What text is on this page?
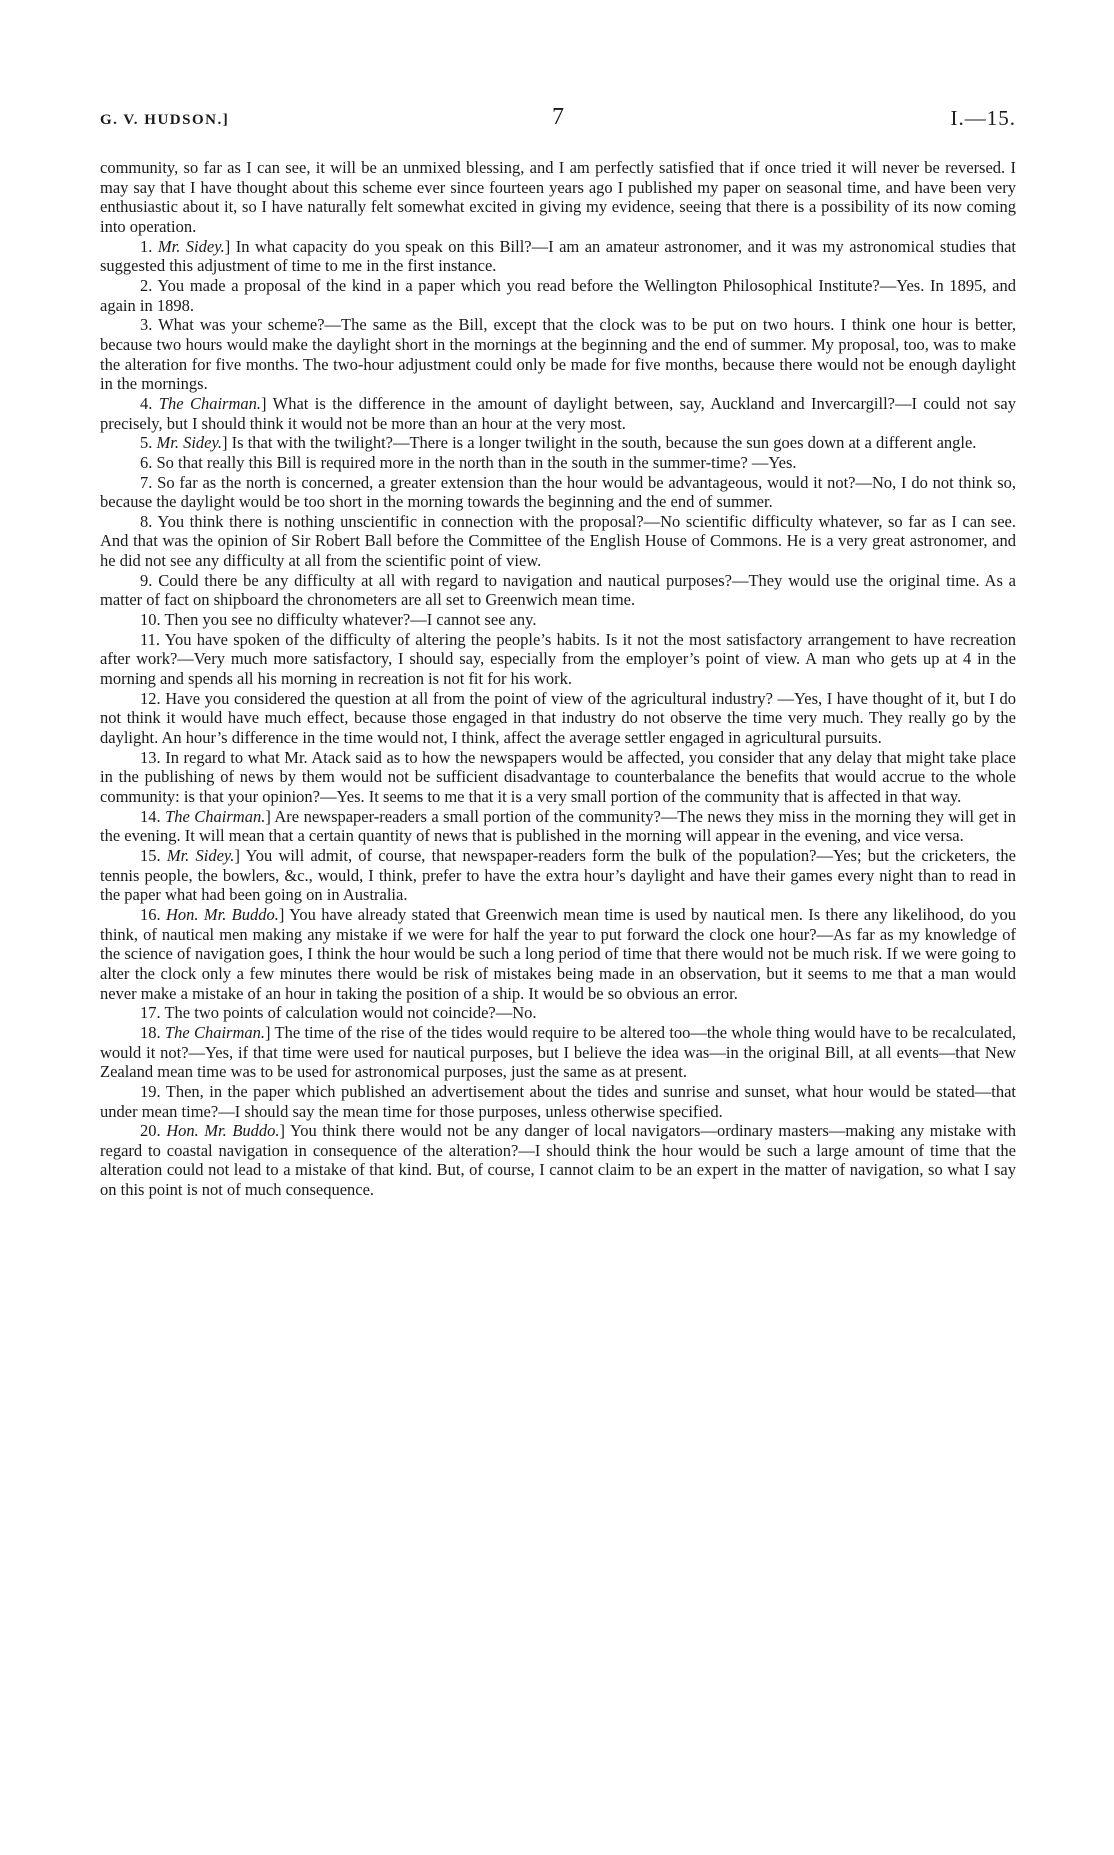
G. V. HUDSON.]	7	I.—15.

community, so far as I can see, it will be an unmixed blessing, and I am perfectly satisfied that if once tried it will never be reversed. I may say that I have thought about this scheme ever since fourteen years ago I published my paper on seasonal time, and have been very enthusiastic about it, so I have naturally felt somewhat excited in giving my evidence, seeing that there is a possibility of its now coming into operation.

1. Mr. Sidey.] In what capacity do you speak on this Bill?—I am an amateur astronomer, and it was my astronomical studies that suggested this adjustment of time to me in the first instance.

2. You made a proposal of the kind in a paper which you read before the Wellington Philosophical Institute?—Yes. In 1895, and again in 1898.

3. What was your scheme?—The same as the Bill, except that the clock was to be put on two hours. I think one hour is better, because two hours would make the daylight short in the mornings at the beginning and the end of summer. My proposal, too, was to make the alteration for five months. The two-hour adjustment could only be made for five months, because there would not be enough daylight in the mornings.

4. The Chairman.] What is the difference in the amount of daylight between, say, Auckland and Invercargill?—I could not say precisely, but I should think it would not be more than an hour at the very most.

5. Mr. Sidey.] Is that with the twilight?—There is a longer twilight in the south, because the sun goes down at a different angle.

6. So that really this Bill is required more in the north than in the south in the summer-time? —Yes.

7. So far as the north is concerned, a greater extension than the hour would be advantageous, would it not?—No, I do not think so, because the daylight would be too short in the morning towards the beginning and the end of summer.

8. You think there is nothing unscientific in connection with the proposal?—No scientific difficulty whatever, so far as I can see. And that was the opinion of Sir Robert Ball before the Committee of the English House of Commons. He is a very great astronomer, and he did not see any difficulty at all from the scientific point of view.

9. Could there be any difficulty at all with regard to navigation and nautical purposes?—They would use the original time. As a matter of fact on shipboard the chronometers are all set to Greenwich mean time.

10. Then you see no difficulty whatever?—I cannot see any.

11. You have spoken of the difficulty of altering the people’s habits. Is it not the most satisfactory arrangement to have recreation after work?—Very much more satisfactory, I should say, especially from the employer’s point of view. A man who gets up at 4 in the morning and spends all his morning in recreation is not fit for his work.

12. Have you considered the question at all from the point of view of the agricultural industry? —Yes, I have thought of it, but I do not think it would have much effect, because those engaged in that industry do not observe the time very much. They really go by the daylight. An hour’s difference in the time would not, I think, affect the average settler engaged in agricultural pursuits.

13. In regard to what Mr. Atack said as to how the newspapers would be affected, you consider that any delay that might take place in the publishing of news by them would not be sufficient disadvantage to counterbalance the benefits that would accrue to the whole community: is that your opinion?—Yes. It seems to me that it is a very small portion of the community that is affected in that way.

14. The Chairman.] Are newspaper-readers a small portion of the community?—The news they miss in the morning they will get in the evening. It will mean that a certain quantity of news that is published in the morning will appear in the evening, and vice versa.

15. Mr. Sidey.] You will admit, of course, that newspaper-readers form the bulk of the population?—Yes; but the cricketers, the tennis people, the bowlers, &c., would, I think, prefer to have the extra hour’s daylight and have their games every night than to read in the paper what had been going on in Australia.

16. Hon. Mr. Buddo.] You have already stated that Greenwich mean time is used by nautical men. Is there any likelihood, do you think, of nautical men making any mistake if we were for half the year to put forward the clock one hour?—As far as my knowledge of the science of navigation goes, I think the hour would be such a long period of time that there would not be much risk. If we were going to alter the clock only a few minutes there would be risk of mistakes being made in an observation, but it seems to me that a man would never make a mistake of an hour in taking the position of a ship. It would be so obvious an error.

17. The two points of calculation would not coincide?—No.

18. The Chairman.] The time of the rise of the tides would require to be altered too—the whole thing would have to be recalculated, would it not?—Yes, if that time were used for nautical purposes, but I believe the idea was—in the original Bill, at all events—that New Zealand mean time was to be used for astronomical purposes, just the same as at present.

19. Then, in the paper which published an advertisement about the tides and sunrise and sunset, what hour would be stated—that under mean time?—I should say the mean time for those purposes, unless otherwise specified.

20. Hon. Mr. Buddo.] You think there would not be any danger of local navigators—ordinary masters—making any mistake with regard to coastal navigation in consequence of the alteration?—I should think the hour would be such a large amount of time that the alteration could not lead to a mistake of that kind. But, of course, I cannot claim to be an expert in the matter of navigation, so what I say on this point is not of much consequence.
